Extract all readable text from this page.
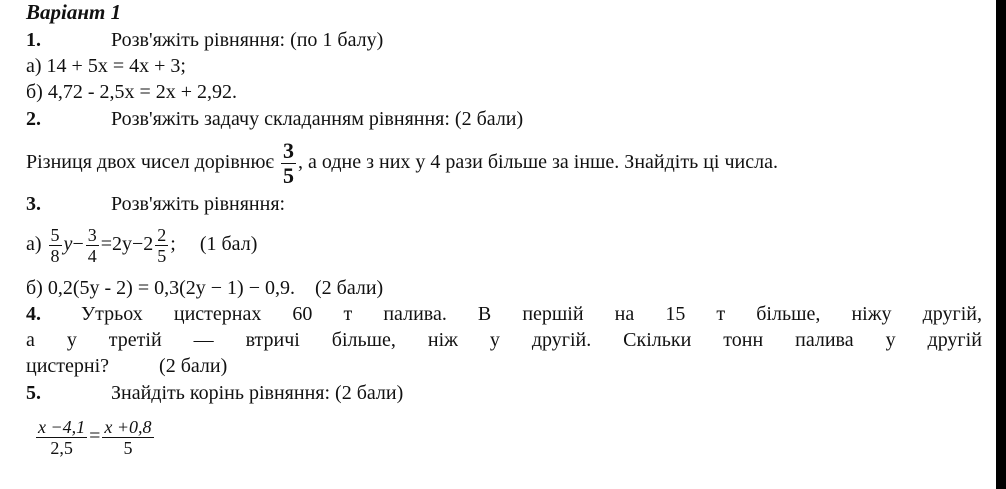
Варіант 1
1.	Розв'яжіть рівняння: (по 1 балу)
а) 14 + 5х = 4х + 3;
б) 4,72 - 2,5х = 2х + 2,92.
2.	Розв'яжіть задачу складанням рівняння: (2 бали)
Різниця двох чисел дорівнює $\frac{3}{5}$ , а одне з них у 4 рази більше за інше. Знайдіть ці числа.
3.	Розв'яжіть рівняння:
$а) \frac{5}{8} y- \frac{3}{4} =2y-2 \frac{2}{5}$ ; (1 бал)
б) 0,2(5у - 2) = 0,3(2у − 1) − 0,9. (2 бали)
4. Утрьох цистернах 60 т палива. В першій на 15 т більше, ніжу другій,
а у третій — втричі більше, ніж у другій. Скільки тонн палива у другій
цистерні?	(2 бали)
5.	Знайдіть корінь рівняння: (2 бали)
$\frac{x -4,1}{2,5} = \frac{x +0,8}{5}$
